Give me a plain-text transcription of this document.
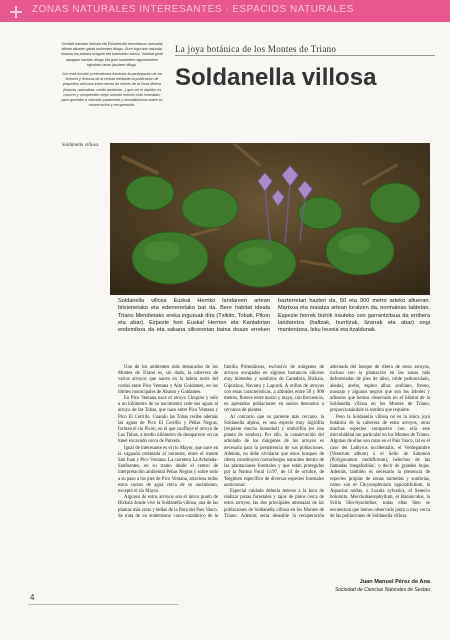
ZONAS NATURALES INTERESANTES · ESPACIOS NATURALES

Orrialde hauetan Bizkaia eta Enkarterriko berezitasun naturalak biltzen dituzten gaiak aurkezten ditugu. Gure ingurune naturala, historia eta paisaia ezagutu eta babesteko asmoz, hainbat gune aipagarri hautatu ditugu eta gure bazkideen laguntzarekin egindako lanak jasotzen ditugu.

Con esta sección pretendemos fomentar la participación de los lectores y lectoras de la revista mediante la publicación de pequeños artículos sobre temas de interés de la Zona Minera (historia, naturaleza, medio ambiente...) que ser el objetivo es conocer y comprender mejor nuestro entorno más inmediato, para aprender a valorarlo justamente y sensibilizarnos sobre su conservación y recuperación.

La joya botánica de los Montes de Triano
Soldanella villosa
Soldanella villosa.
Soldanella villosa Euskal Herriko landareen artean bitxienetako eta ederrenetako bat da. Bere habitat ideala Triano Mendietako ereka inguruak dira (Txikito, Tobak, Pikon eta abar). Espezie hori Euskal Herrien eta Kantabrian endemikoa da eta sakana siliceoetan baina doaze erreken bazterretan hazten da, 50 eta 900 metro arteko altueran. Martxoa eta maiatza artean loratzen da, normalean taldetan. Espezie horrek bizirik irauteko oso garrantzitsua da erribera landaretza (haltzak, hurritzak, lizarrak eta abar) ongi mantentzea, leku hezeia eta itzaldunak.

Uno de los ambientes más destacados de los Montes de Triano es, sin duda, la cabecera de varios arroyos que nacen en la ladera norte del cordal entre Pico Ventana y Alto Goldames, en los límites municipales de Abanto y Galdames.

En Pico Ventana nace el arroyo Chiquito y sólo a un kilómetro de su nacimiento cede sus aguas al arroyo de las Tobas, que nace entre Pico Ventana y Pico El Cerrillo. Cuando las Tobas recibe además las aguas de Pico El Cerrillo y Peñas Negras, forman el río Picón, en el que confluye el arroyo de Las Tobas, a medio kilómetro de desaparecer en un túnel excavado cerca de Putxeta.

Igual de interesante es el río Mayor, que nace en la vaguada orientada al noroeste, entre el monte San Juan y Pico Ventana. La carretera La Arboleda-Sanfuentes, en su tramo desde el centro de interpretación ambiental Peñas Negras y sobre todo a su paso a los pies de Pico Ventana, atraviesa todos estos cursos de agua cerca de su nacimiento, excepto el río Mayor.

Algunos de estos arroyos son el único punto de Bizkaia donde vive la Soldanella villosa, una de las plantas más raras y bellas de la flora del País Vasco. Se trata de un endemismo vasco-cantábrico de la familia Primuláceas, exclusivo de márgenes de arroyos encajados en algunos barrancos silíceos muy húmedos y sombríos de Cantabria, Bizkaia, Gipuzkoa, Navarra y Lapurdi. A orillas de arroyos con estas características, a altitudes entre 50 y 900 metros, florece entre marzo y mayo, con frecuencia, en apretados poblaciones en suelos desnudos o cercanos de plantas.

Al contrario que su pariente más cercano, la Soldanella alpina, es una especie muy higrófila (requiere mucha humedad) y umbrófila (es una planta de sombra). Por ello, la conservación del arbolado de los márgenes de los arroyos es necesaria para la persistencia de sus poblaciones. Además, no debe olvidarse que estos bosques de ribera constituyen contrafuegos naturales dentro de las plantaciones forestales y que están protegidos por la Norma Foral 11/97, de 14 de octubre, de 'Régimen específico de diversas especies forestales autóctonas'.

Especial cuidado debería tenerse a la hora de realizar pistas forestales y tajos de pinos cerca de estos arroyos, las dos principales amenazas de las poblaciones de Soldanella villosa en los Montes de Triano. Además sería deseable la recuperación adecuada del bosque de ribera de estos arroyos, incluso con la plantación en las zonas más deforestadas de pies de aliso, roble pedunculado, abedul, acebo, espino albar, avellano, fresno, mostajo y algunos negros que son los árboles y arbustos que hemos observado en el hábitat de la Soldanella villosa en los Montes de Triano, proporcionándole la sombra que requiere.

Pero la Soldanella villosa no es la única joya botánica de la cabecera de estos arroyos, otras muchas especies comparten con ella este microhábitat tan particular en los Montes de Triano. Algunas de ellas son raras en el País Vasco, tal es el caso del Lathyrus occidentalis, el Verdegambre (Veratrum album) o el Sello de Salomón (Polygonatum multiflorum), helechos de las llamadas 'megaforbias', o decir de grandes hojas. Además, también es necesario la presencia de especies propias de zonas húmedas y sombrías, como son el Chrysosplenium oppositifolium, la Aquarius nodus, o Luzula sylvatica, el Senecio bolomito, Mecchohaerophyllum, el Ranunculus, la Scilla lilio-hyacinthus; todas ellas bien se encuentran que hemos observado junto o muy cerca de las poblaciones de Soldanella villosa.

Juan Manuel Pérez de Ana
Sociedad de Ciencias Naturales de Sestao
4
